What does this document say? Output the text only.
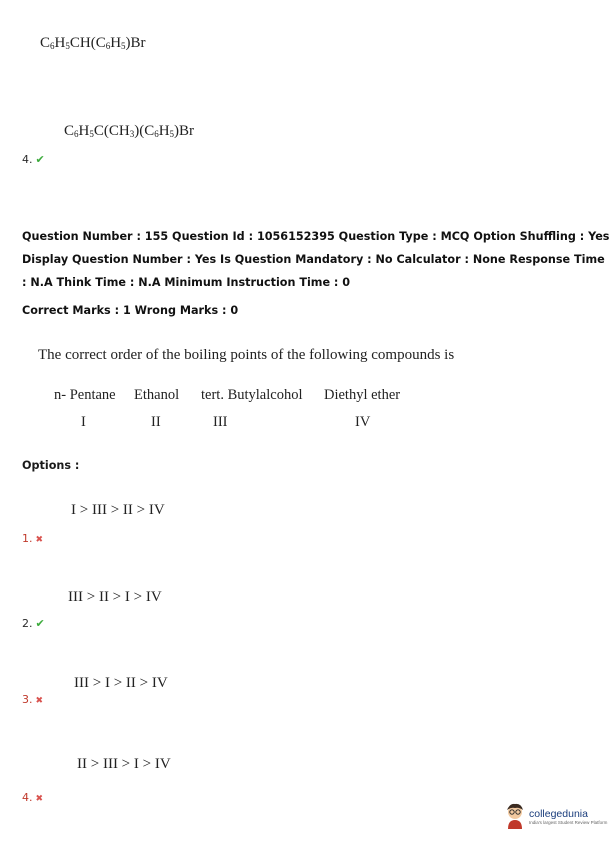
$C_6H_5CH(C_6H_5)Br$
$C_6H_5C(CH_3)(C_6H_5)Br$
4. ✔
Question Number : 155 Question Id : 1056152395 Question Type : MCQ Option Shuffling : Yes
Display Question Number : Yes Is Question Mandatory : No Calculator : None Response Time
: N.A Think Time : N.A Minimum Instruction Time : 0
Correct Marks : 1 Wrong Marks : 0
The correct order of the boiling points of the following compounds is
n- Pentane Ethanol tert. Butylalcohol Diethyl ether
I	II	III	IV
Options :
I > III > II > IV
1. ✖
III > II > I > IV
2. ✔
III > I > II > IV
3. ✖
II > III > I > IV
4. ✖
collegedunia
India's largest Student Review Platform
